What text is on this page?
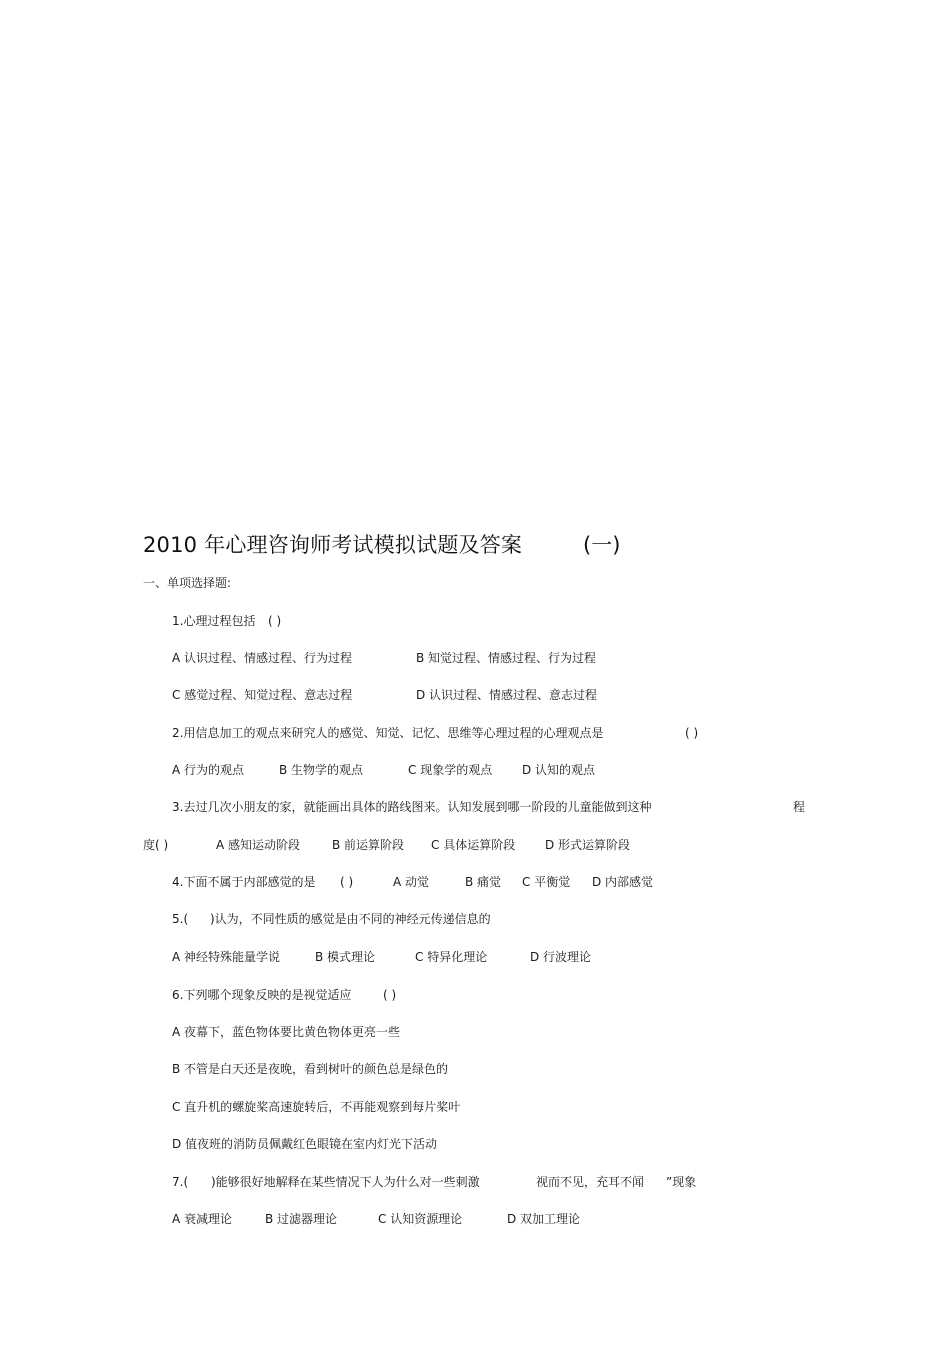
2010 年心理咨询师考试模拟试题及答案	(一)
一、单项选择题:
1.心理过程包括 ( )
A 认识过程、情感过程、行为过程	B 知觉过程、情感过程、行为过程
C 感觉过程、知觉过程、意志过程	D 认识过程、情感过程、意志过程
2.用信息加工的观点来研究人的感觉、知觉、记忆、思维等心理过程的心理观点是	( )
A 行为的观点	B 生物学的观点	C 现象学的观点 D 认知的观点
3.去过几次小朋友的家，就能画出具体的路线图来。认知发展到哪一阶段的儿童能做到这种	程
度( )	A 感知运动阶段	B 前运算阶段 C 具体运算阶段 D 形式运算阶段
4.下面不属于内部感觉的是 ( )	A 动觉	B 痛觉 C 平衡觉 D 内部感觉
5.( )认为，不同性质的感觉是由不同的神经元传递信息的
A 神经特殊能量学说	B 模式理论	C 特异化理论	D 行波理论
6.下列哪个现象反映的是视觉适应	( )
A 夜幕下，蓝色物体要比黄色物体更亮一些
B 不管是白天还是夜晚，看到树叶的颜色总是绿色的
C 直升机的螺旋桨高速旋转后，不再能观察到每片桨叶
D 值夜班的消防员佩戴红色眼镜在室内灯光下活动
7.( )能够很好地解释在某些情况下人为什么对一些刺激	视而不见，充耳不闻 ”现象
A 衰减理论	B 过滤器理论	C 认知资源理论	D 双加工理论
